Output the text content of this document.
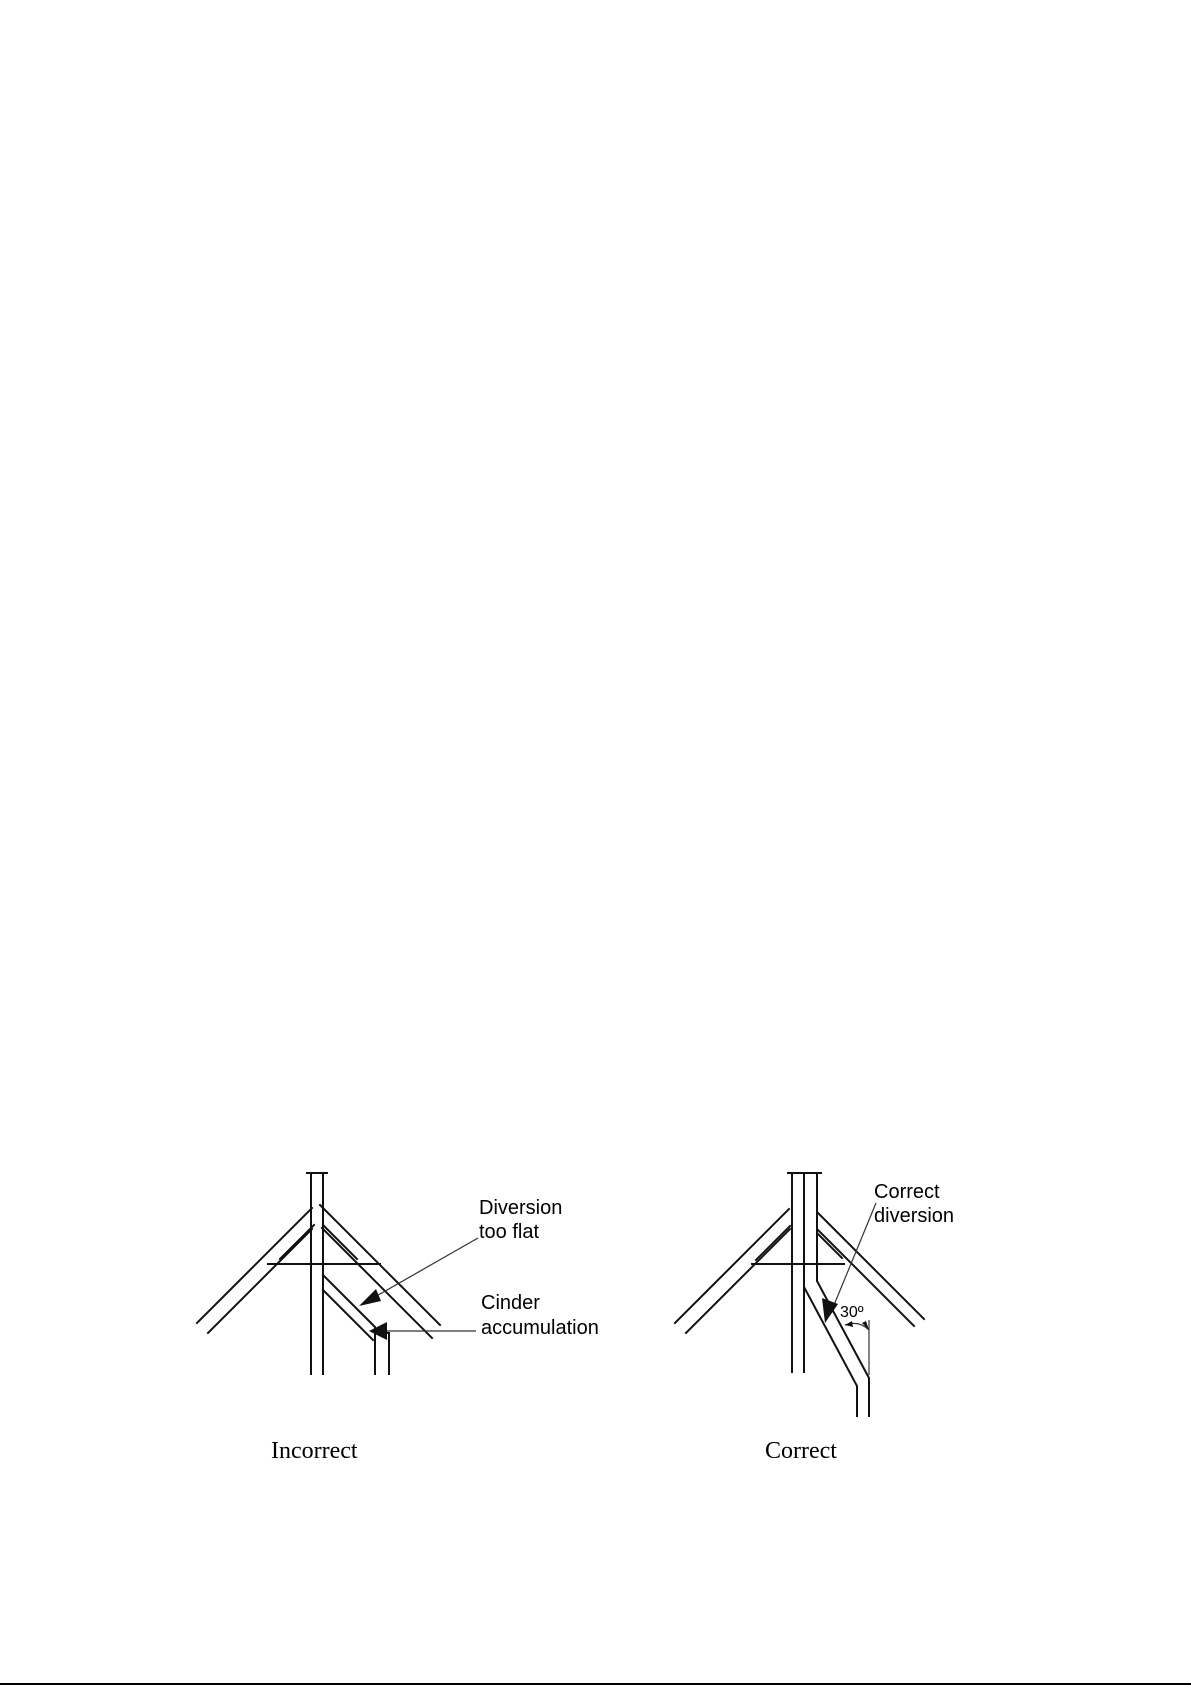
Diversion
too flat
Cinder
accumulation
Incorrect
30º
Correct
diversion
Correct
